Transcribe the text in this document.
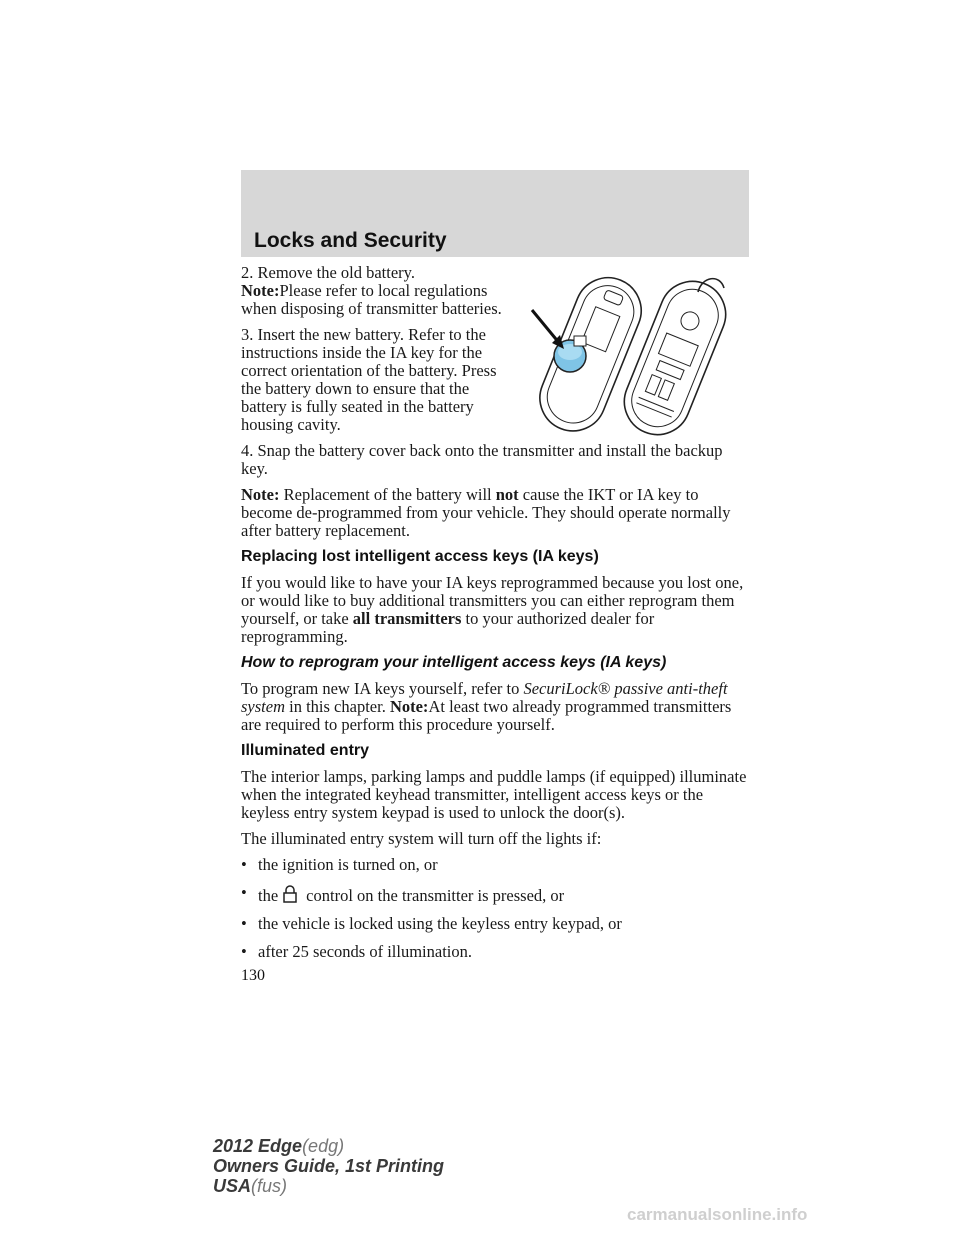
Locks and Security

2. Remove the old battery.

Note:Please refer to local regulations when disposing of transmitter batteries.

3. Insert the new battery. Refer to the instructions inside the IA key for the correct orientation of the battery. Press the battery down to ensure that the battery is fully seated in the battery housing cavity.

4. Snap the battery cover back onto the transmitter and install the backup key.

Note: Replacement of the battery will not cause the IKT or IA key to become de-programmed from your vehicle. They should operate normally after battery replacement.

Replacing lost intelligent access keys (IA keys)

If you would like to have your IA keys reprogrammed because you lost one, or would like to buy additional transmitters you can either reprogram them yourself, or take all transmitters to your authorized dealer for reprogramming.

How to reprogram your intelligent access keys (IA keys)

To program new IA keys yourself, refer to SecuriLock® passive anti-theft system in this chapter. Note:At least two already programmed transmitters are required to perform this procedure yourself.

Illuminated entry

The interior lamps, parking lamps and puddle lamps (if equipped) illuminate when the integrated keyhead transmitter, intelligent access keys or the keyless entry system keypad is used to unlock the door(s).

The illuminated entry system will turn off the lights if:

• the ignition is turned on, or
• the control on the transmitter is pressed, or
• the vehicle is locked using the keyless entry keypad, or
• after 25 seconds of illumination.
130
2012 Edge(edg)
Owners Guide, 1st Printing
USA(fus)
carmanualsonline.info
